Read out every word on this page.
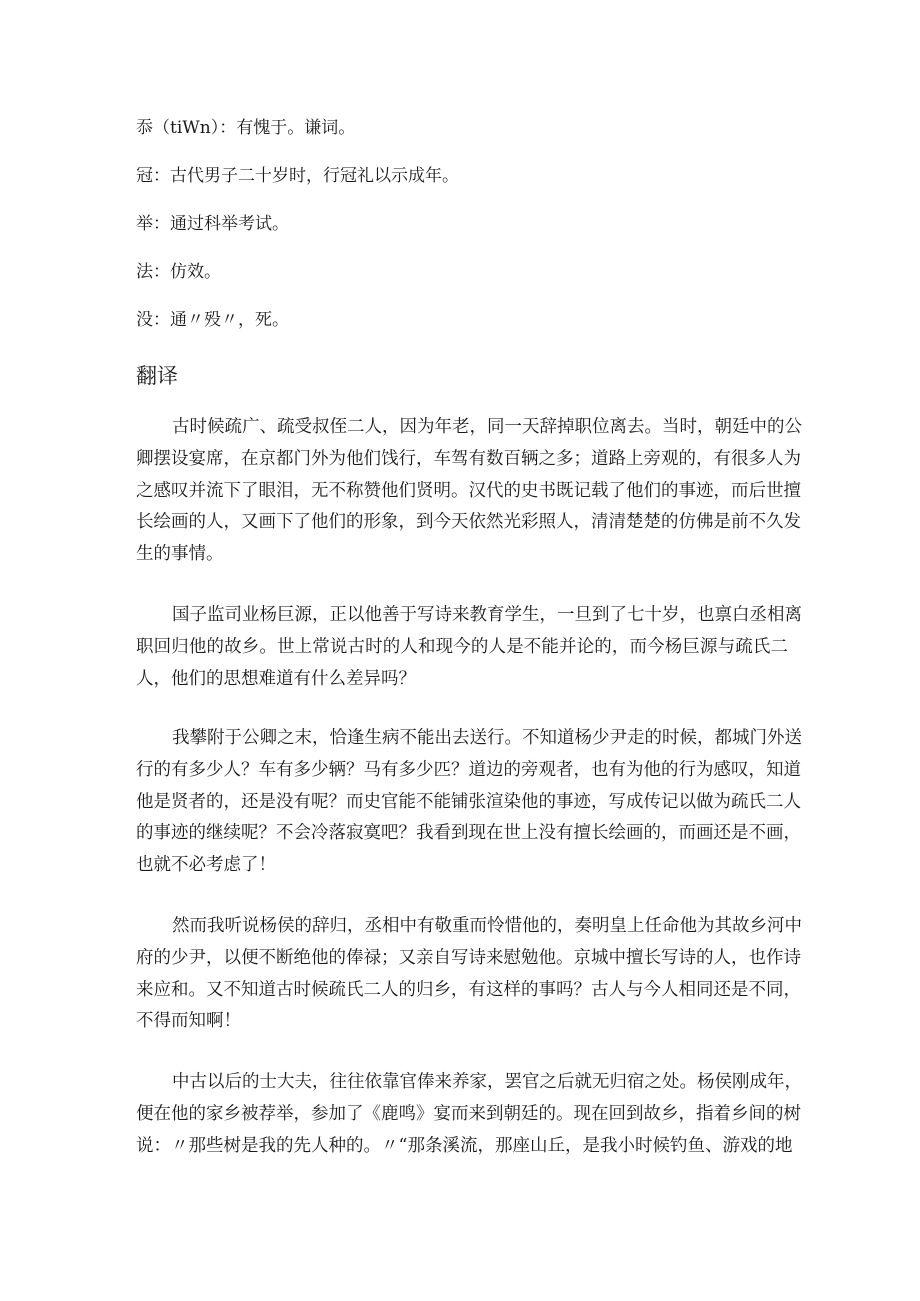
忝（tiWn）：有愧于。谦词。
冠：古代男子二十岁时，行冠礼以示成年。
举：通过科举考试。
法：仿效。
没：通〃殁〃，死。
翻译
古时候疏广、疏受叔侄二人，因为年老，同一天辞掉职位离去。当时，朝廷中的公
卿摆设宴席，在京都门外为他们饯行，车驾有数百辆之多；道路上旁观的，有很多人为
之感叹并流下了眼泪，无不称赞他们贤明。汉代的史书既记载了他们的事迹，而后世擅
长绘画的人，又画下了他们的形象，到今天依然光彩照人，清清楚楚的仿佛是前不久发
生的事情。
国子监司业杨巨源，正以他善于写诗来教育学生，一旦到了七十岁，也禀白丞相离
职回归他的故乡。世上常说古时的人和现今的人是不能并论的，而今杨巨源与疏氏二
人，他们的思想难道有什么差异吗？
我攀附于公卿之末，恰逢生病不能出去送行。不知道杨少尹走的时候，都城门外送
行的有多少人？车有多少辆？马有多少匹？道边的旁观者，也有为他的行为感叹，知道
他是贤者的，还是没有呢？而史官能不能铺张渲染他的事迹，写成传记以做为疏氏二人
的事迹的继续呢？不会冷落寂寞吧？我看到现在世上没有擅长绘画的，而画还是不画，
也就不必考虑了！
然而我听说杨侯的辞归，丞相中有敬重而怜惜他的，奏明皇上任命他为其故乡河中
府的少尹，以便不断绝他的俸禄；又亲自写诗来慰勉他。京城中擅长写诗的人，也作诗
来应和。又不知道古时候疏氏二人的归乡，有这样的事吗？古人与今人相同还是不同，
不得而知啊！
中古以后的士大夫，往往依靠官俸来养家，罢官之后就无归宿之处。杨侯刚成年，
便在他的家乡被荐举，参加了《鹿鸣》宴而来到朝廷的。现在回到故乡，指着乡间的树
说：〃那些树是我的先人种的。〃“那条溪流，那座山丘，是我小时候钓鱼、游戏的地
